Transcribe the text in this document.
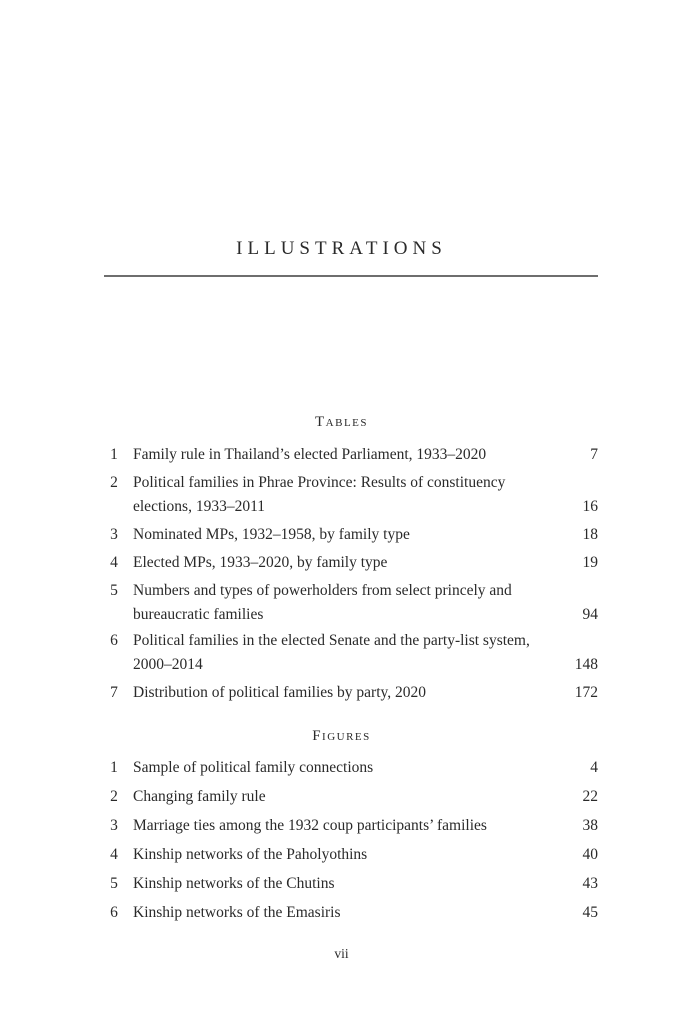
ILLUSTRATIONS
Tables
1 Family rule in Thailand’s elected Parliament, 1933–2020	7
2 Political families in Phrae Province: Results of constituency elections, 1933–2011	16
3 Nominated MPs, 1932–1958, by family type	18
4 Elected MPs, 1933–2020, by family type	19
5 Numbers and types of powerholders from select princely and bureaucratic families	94
6 Political families in the elected Senate and the party-list system, 2000–2014	148
7 Distribution of political families by party, 2020	172
Figures
1 Sample of political family connections	4
2 Changing family rule	22
3 Marriage ties among the 1932 coup participants’ families	38
4 Kinship networks of the Paholyothins	40
5 Kinship networks of the Chutins	43
6 Kinship networks of the Emasiris	45
vii
